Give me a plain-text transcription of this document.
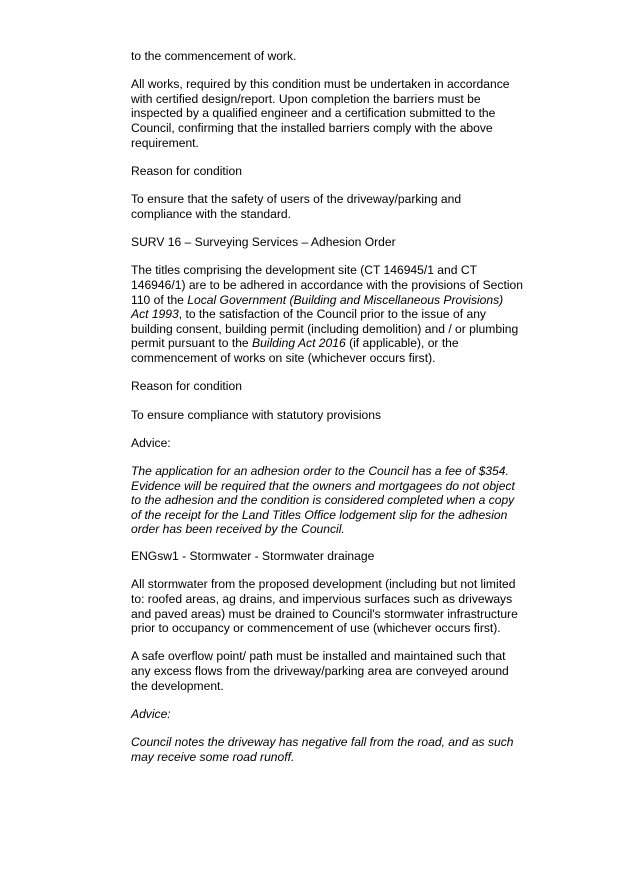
to the commencement of work.

All works, required by this condition must be undertaken in accordance with certified design/report. Upon completion the barriers must be inspected by a qualified engineer and a certification submitted to the Council, confirming that the installed barriers comply with the above requirement.

Reason for condition

To ensure that the safety of users of the driveway/parking and compliance with the standard.

SURV 16 – Surveying Services – Adhesion Order

The titles comprising the development site (CT 146945/1 and CT 146946/1) are to be adhered in accordance with the provisions of Section 110 of the Local Government (Building and Miscellaneous Provisions) Act 1993, to the satisfaction of the Council prior to the issue of any building consent, building permit (including demolition) and / or plumbing permit pursuant to the Building Act 2016 (if applicable), or the commencement of works on site (whichever occurs first).

Reason for condition

To ensure compliance with statutory provisions

Advice:

The application for an adhesion order to the Council has a fee of $354. Evidence will be required that the owners and mortgagees do not object to the adhesion and the condition is considered completed when a copy of the receipt for the Land Titles Office lodgement slip for the adhesion order has been received by the Council.

ENGsw1 - Stormwater - Stormwater drainage

All stormwater from the proposed development (including but not limited to: roofed areas, ag drains, and impervious surfaces such as driveways and paved areas) must be drained to Council's stormwater infrastructure prior to occupancy or commencement of use (whichever occurs first).

A safe overflow point/ path must be installed and maintained such that any excess flows from the driveway/parking area are conveyed around the development.

Advice:

Council notes the driveway has negative fall from the road, and as such may receive some road runoff.
